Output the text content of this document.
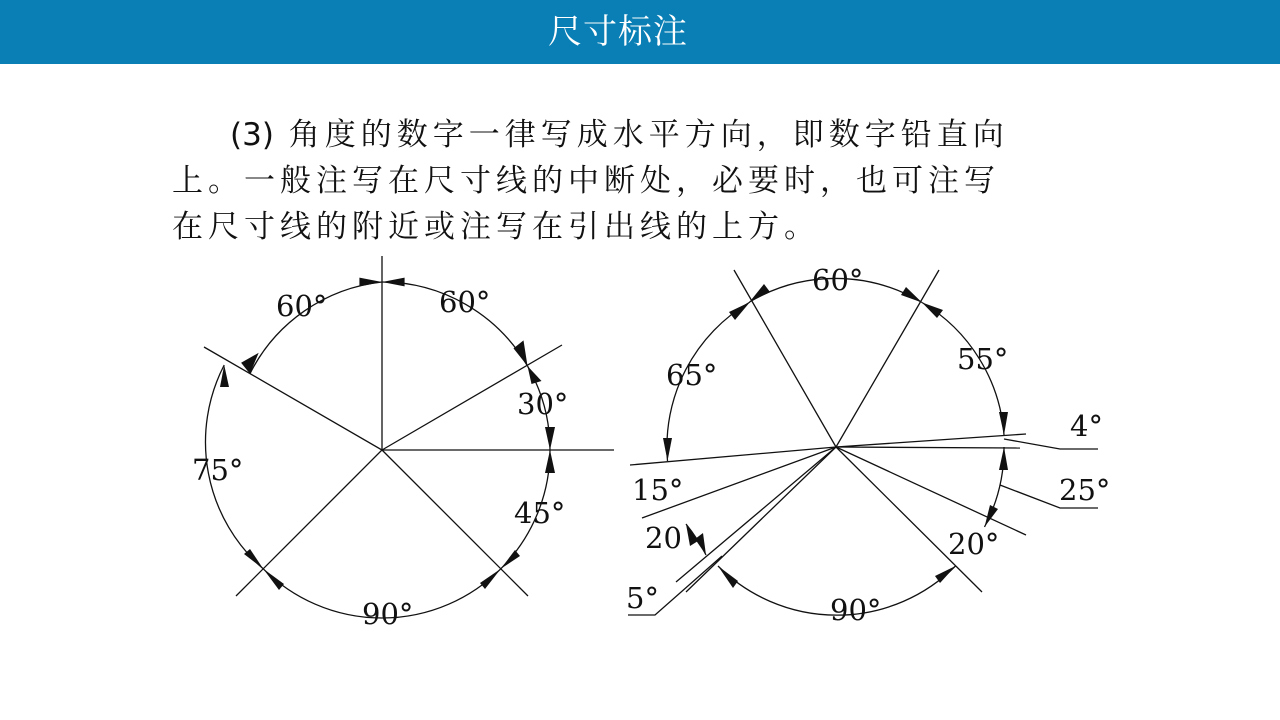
尺寸标注
(3) 角度的数字一律写成水平方向，即数字铅直向
上。一般注写在尺寸线的中断处，必要时，也可注写
在尺寸线的附近或注写在引出线的上方。
60°	60°
30°
45°
90°
75°
60°
55°
4°
25°
20°
90°
5°
20
15°
65°
